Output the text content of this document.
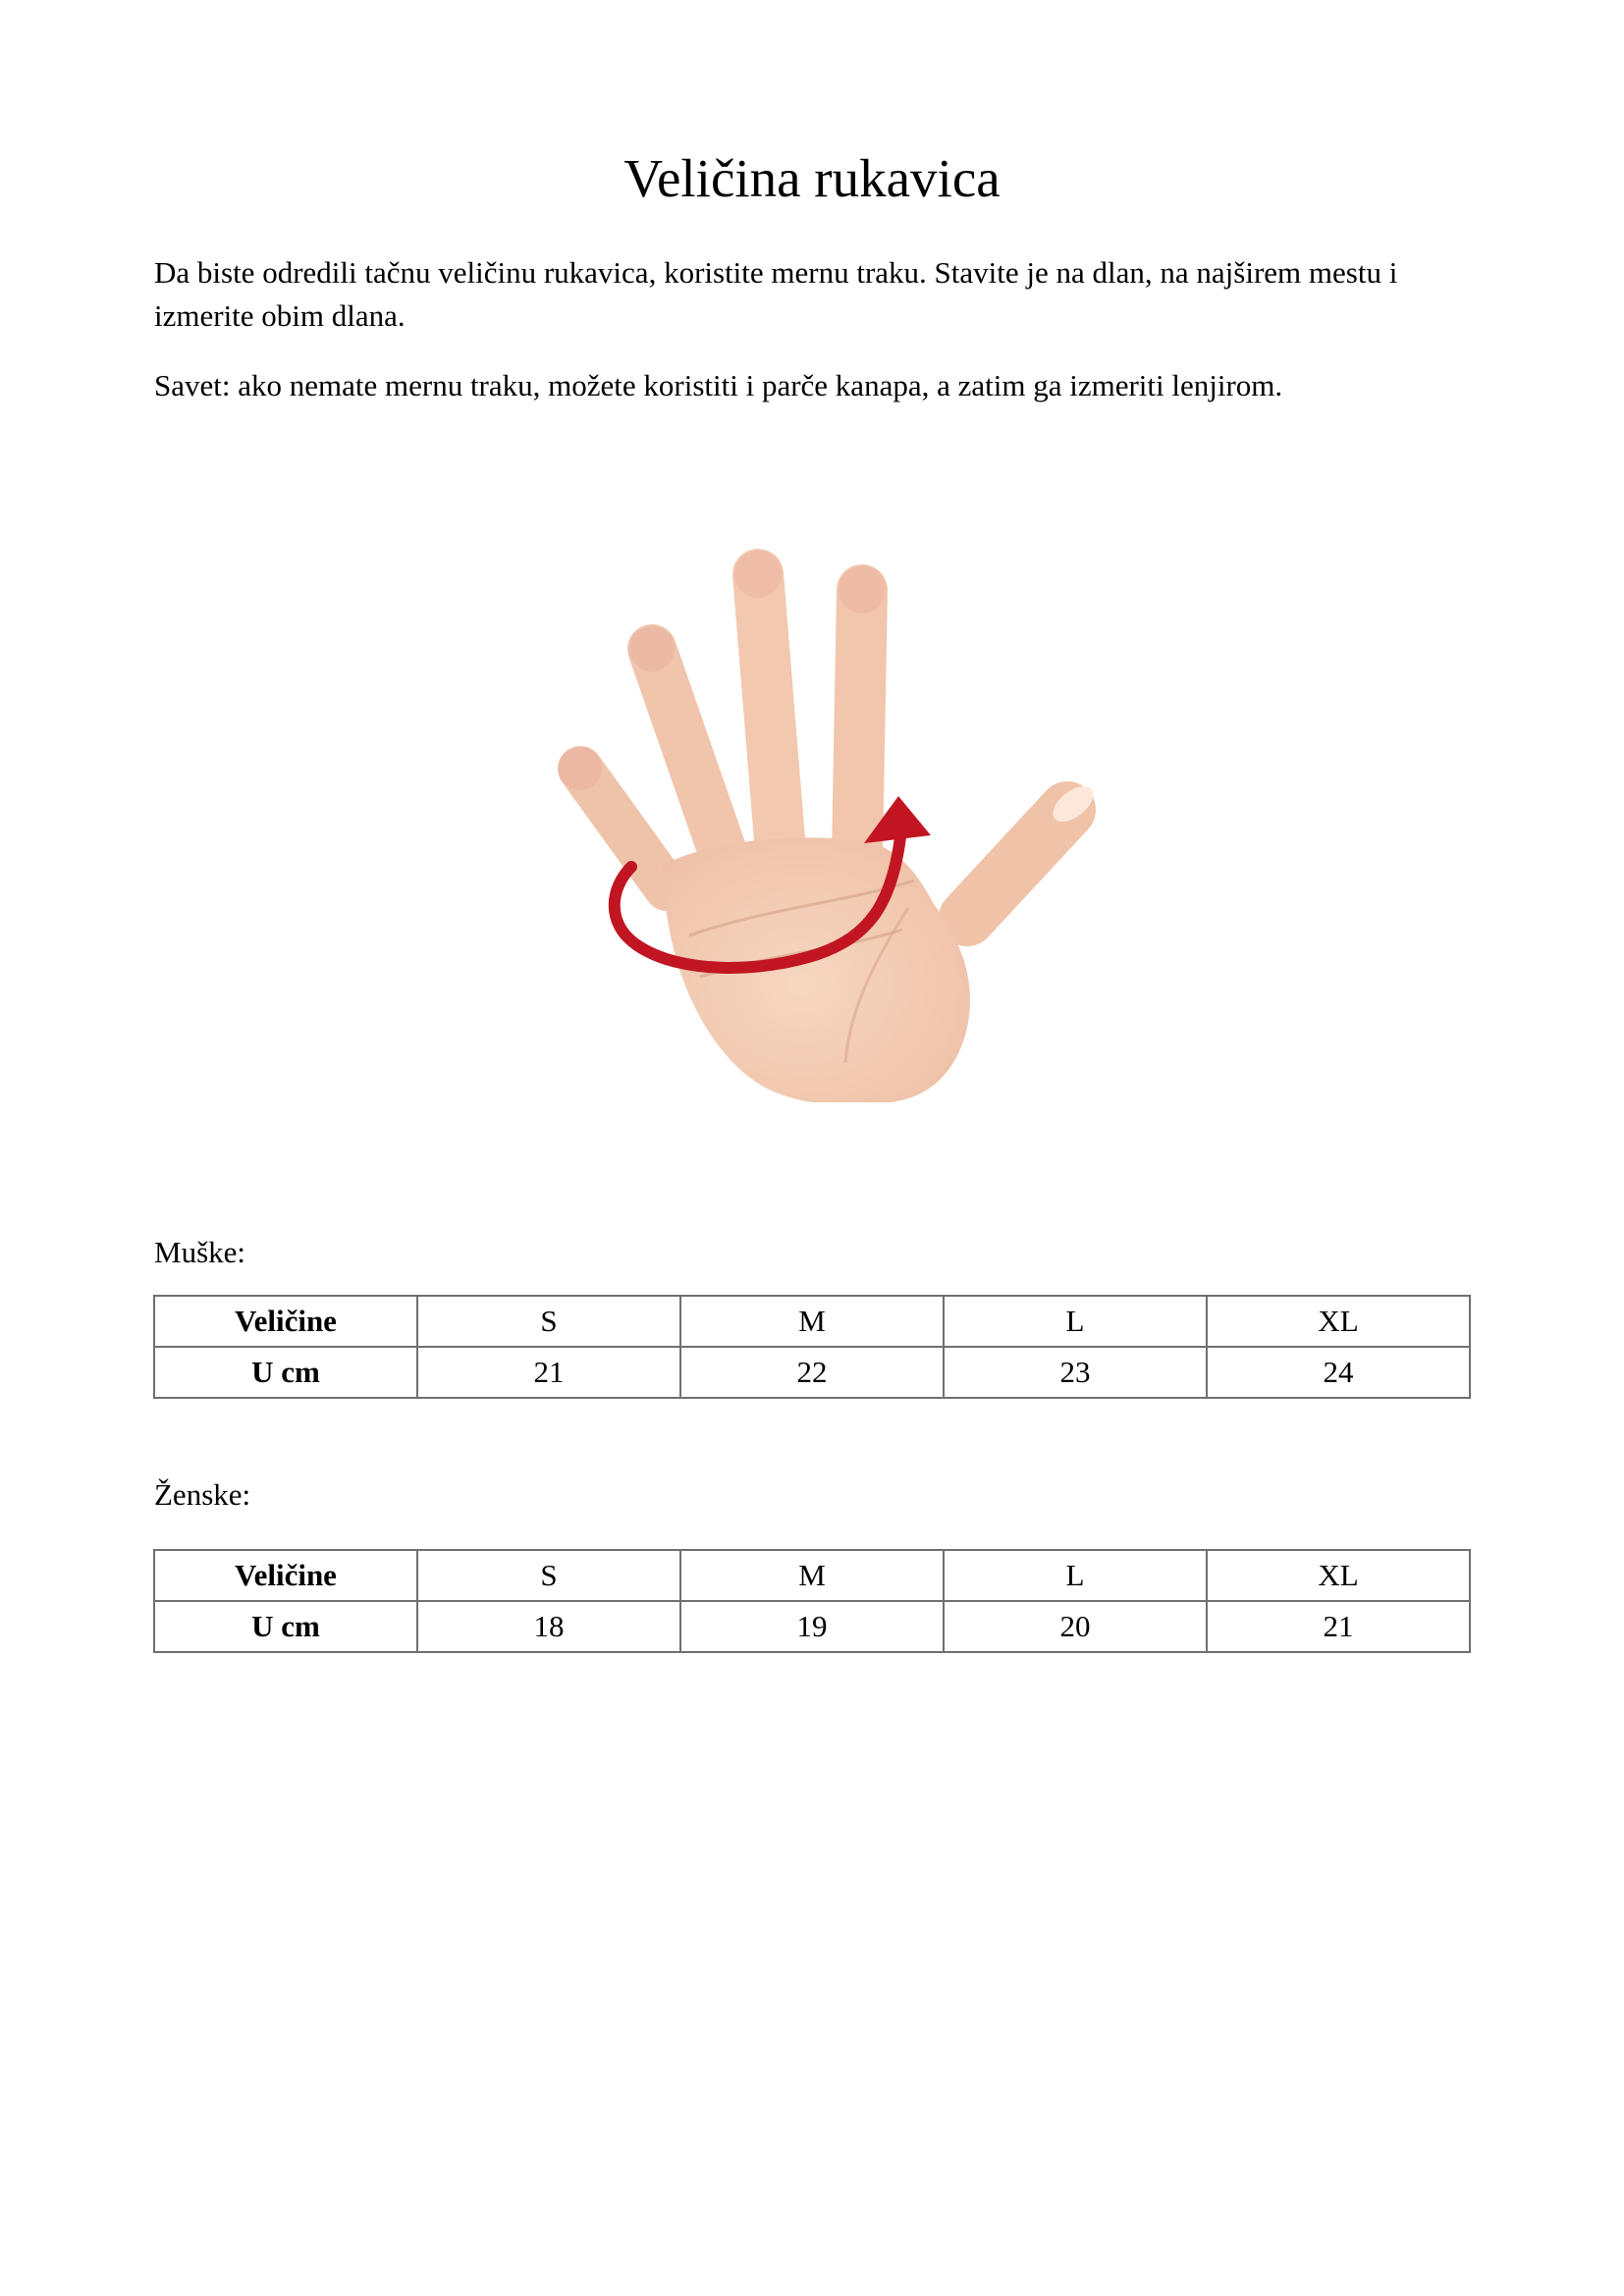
Veličina rukavica

Da biste odredili tačnu veličinu rukavica, koristite mernu traku. Stavite je na dlan, na najširem mestu i izmerite obim dlana.

Savet: ako nemate mernu traku, možete koristiti i parče kanapa, a zatim ga izmeriti lenjirom.

Muške:

Veličine	S	M	L	XL
U cm	21	22	23	24

Ženske:

Veličine	S	M	L	XL
U cm	18	19	20	21
